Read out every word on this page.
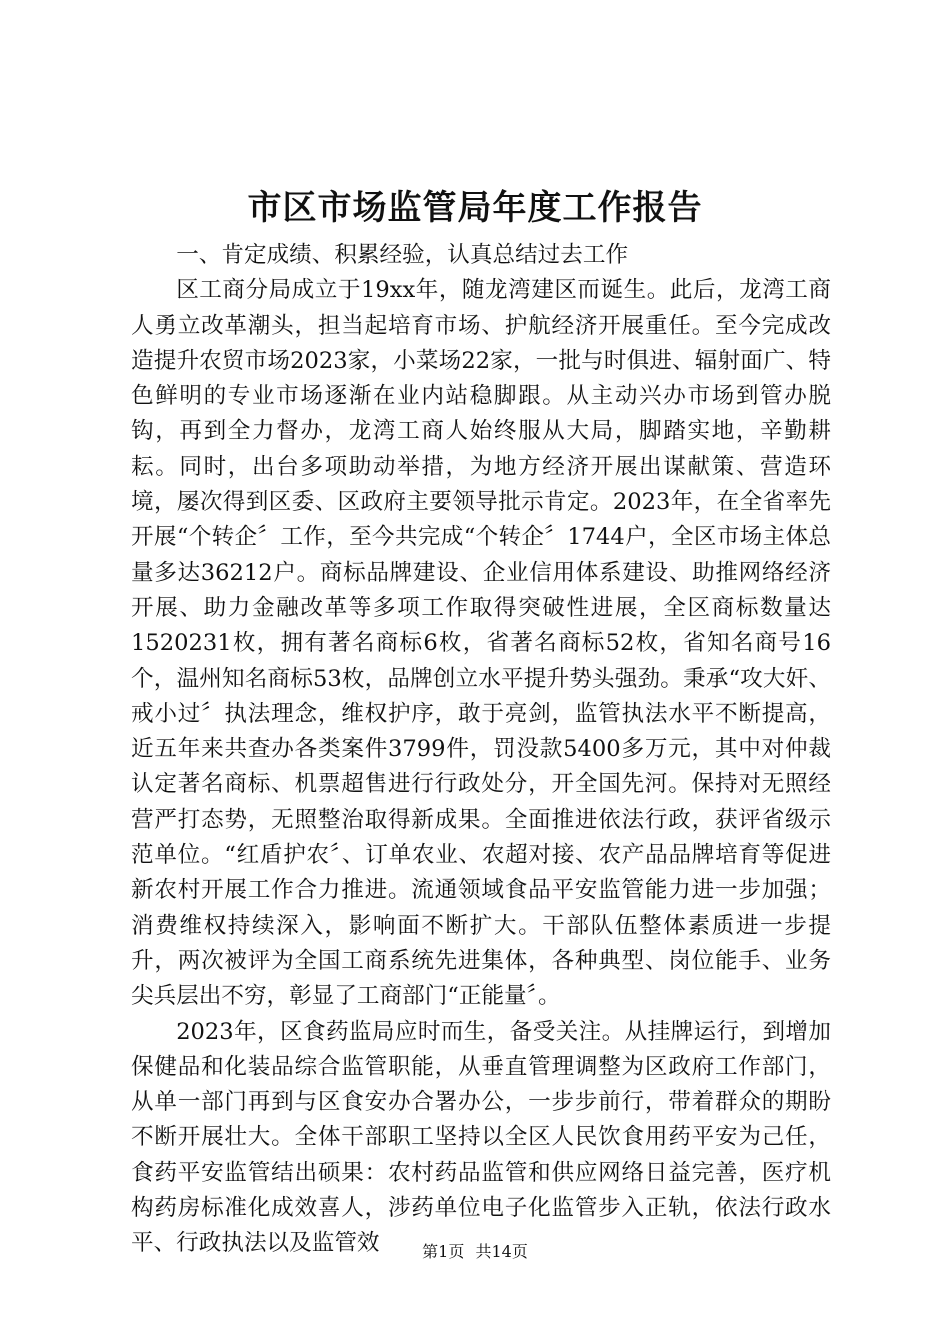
市区市场监管局年度工作报告

一、肯定成绩、积累经验，认真总结过去工作

区工商分局成立于19xx年，随龙湾建区而诞生。此后，龙湾工商人勇立改革潮头，担当起培育市场、护航经济开展重任。至今完成改造提升农贸市场2023家，小菜场22家，一批与时俱进、辐射面广、特色鲜明的专业市场逐渐在业内站稳脚跟。从主动兴办市场到管办脱钩，再到全力督办，龙湾工商人始终服从大局，脚踏实地，辛勤耕耘。同时，出台多项助动举措，为地方经济开展出谋献策、营造环境，屡次得到区委、区政府主要领导批示肯定。2023年，在全省率先开展“个转企〞工作，至今共完成“个转企〞1744户，全区市场主体总量多达36212户。商标品牌建设、企业信用体系建设、助推网络经济开展、助力金融改革等多项工作取得突破性进展，全区商标数量达1520231枚，拥有著名商标6枚，省著名商标52枚，省知名商号16个，温州知名商标53枚，品牌创立水平提升势头强劲。秉承“攻大奸、戒小过〞执法理念，维权护序，敢于亮剑，监管执法水平不断提高，近五年来共查办各类案件3799件，罚没款5400多万元，其中对仲裁认定著名商标、机票超售进行行政处分，开全国先河。保持对无照经营严打态势，无照整治取得新成果。全面推进依法行政，获评省级示范单位。“红盾护农〞、订单农业、农超对接、农产品品牌培育等促进新农村开展工作合力推进。流通领域食品平安监管能力进一步加强；消费维权持续深入，影响面不断扩大。干部队伍整体素质进一步提升，两次被评为全国工商系统先进集体，各种典型、岗位能手、业务尖兵层出不穷，彰显了工商部门“正能量〞。

2023年，区食药监局应时而生，备受关注。从挂牌运行，到增加保健品和化装品综合监管职能，从垂直管理调整为区政府工作部门，从单一部门再到与区食安办合署办公，一步步前行，带着群众的期盼不断开展壮大。全体干部职工坚持以全区人民饮食用药平安为己任，食药平安监管结出硕果：农村药品监管和供应网络日益完善，医疗机构药房标准化成效喜人，涉药单位电子化监管步入正轨，依法行政水平、行政执法以及监管效	第1页 共14页
